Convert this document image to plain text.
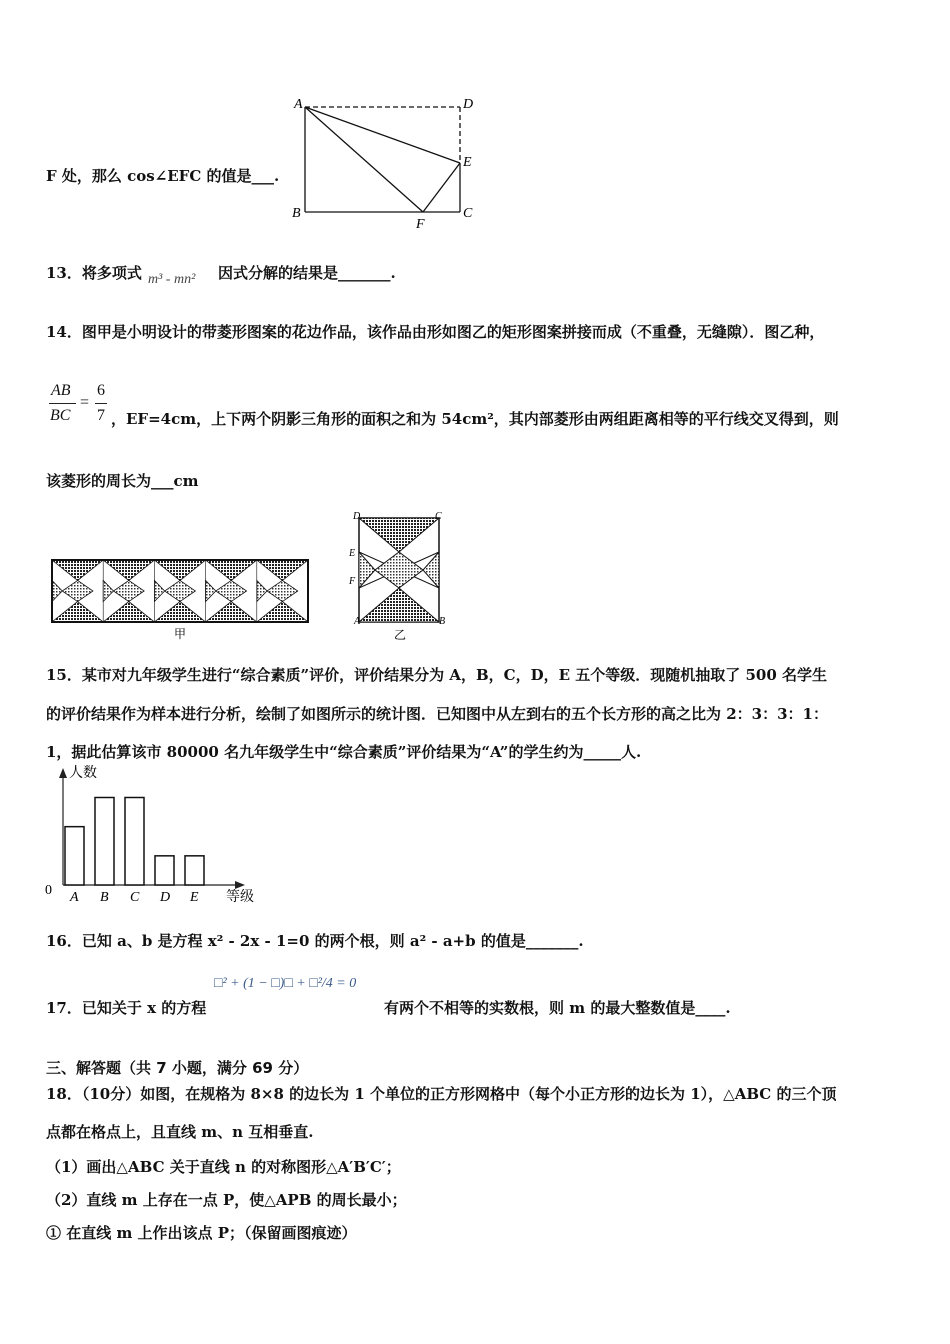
F 处，那么 cos∠EFC 的值是___.
A	D
E
B	C
F
13．将多项式 m³ - mn² 因式分解的结果是_______.
14．图甲是小明设计的带菱形图案的花边作品，该作品由形如图乙的矩形图案拼接而成（不重叠，无缝隙）．图乙种，
AB
BC
=
6
7 ，EF=4cm，上下两个阴影三角形的面积之和为 54cm²，其内部菱形由两组距离相等的平行线交叉得到，则
该菱形的周长为___cm
甲
D	C
E
F
A	B
乙
15．某市对九年级学生进行“综合素质”评价，评价结果分为 A，B，C，D，E 五个等级．现随机抽取了 500 名学生
的评价结果作为样本进行分析，绘制了如图所示的统计图．已知图中从左到右的五个长方形的高之比为 2：3：3：1：
1，据此估算该市 80000 名九年级学生中“综合素质”评价结果为“A”的学生约为_____人.
人数
等级
0 A B C D E
16．已知 a、b 是方程 x² - 2x - 1=0 的两个根，则 a² - a+b 的值是_______.
17．已知关于 x 的方程
□² + (1 − □)□ + □²/4 = 0
有两个不相等的实数根，则 m 的最大整数值是____.
三、解答题（共 7 小题，满分 69 分）
18．（10分）如图，在规格为 8×8 的边长为 1 个单位的正方形网格中（每个小正方形的边长为 1），△ABC 的三个顶
点都在格点上，且直线 m、n 互相垂直.
（1）画出△ABC 关于直线 n 的对称图形△A′B′C′；
（2）直线 m 上存在一点 P，使△APB 的周长最小；
① 在直线 m 上作出该点 P；（保留画图痕迹）
